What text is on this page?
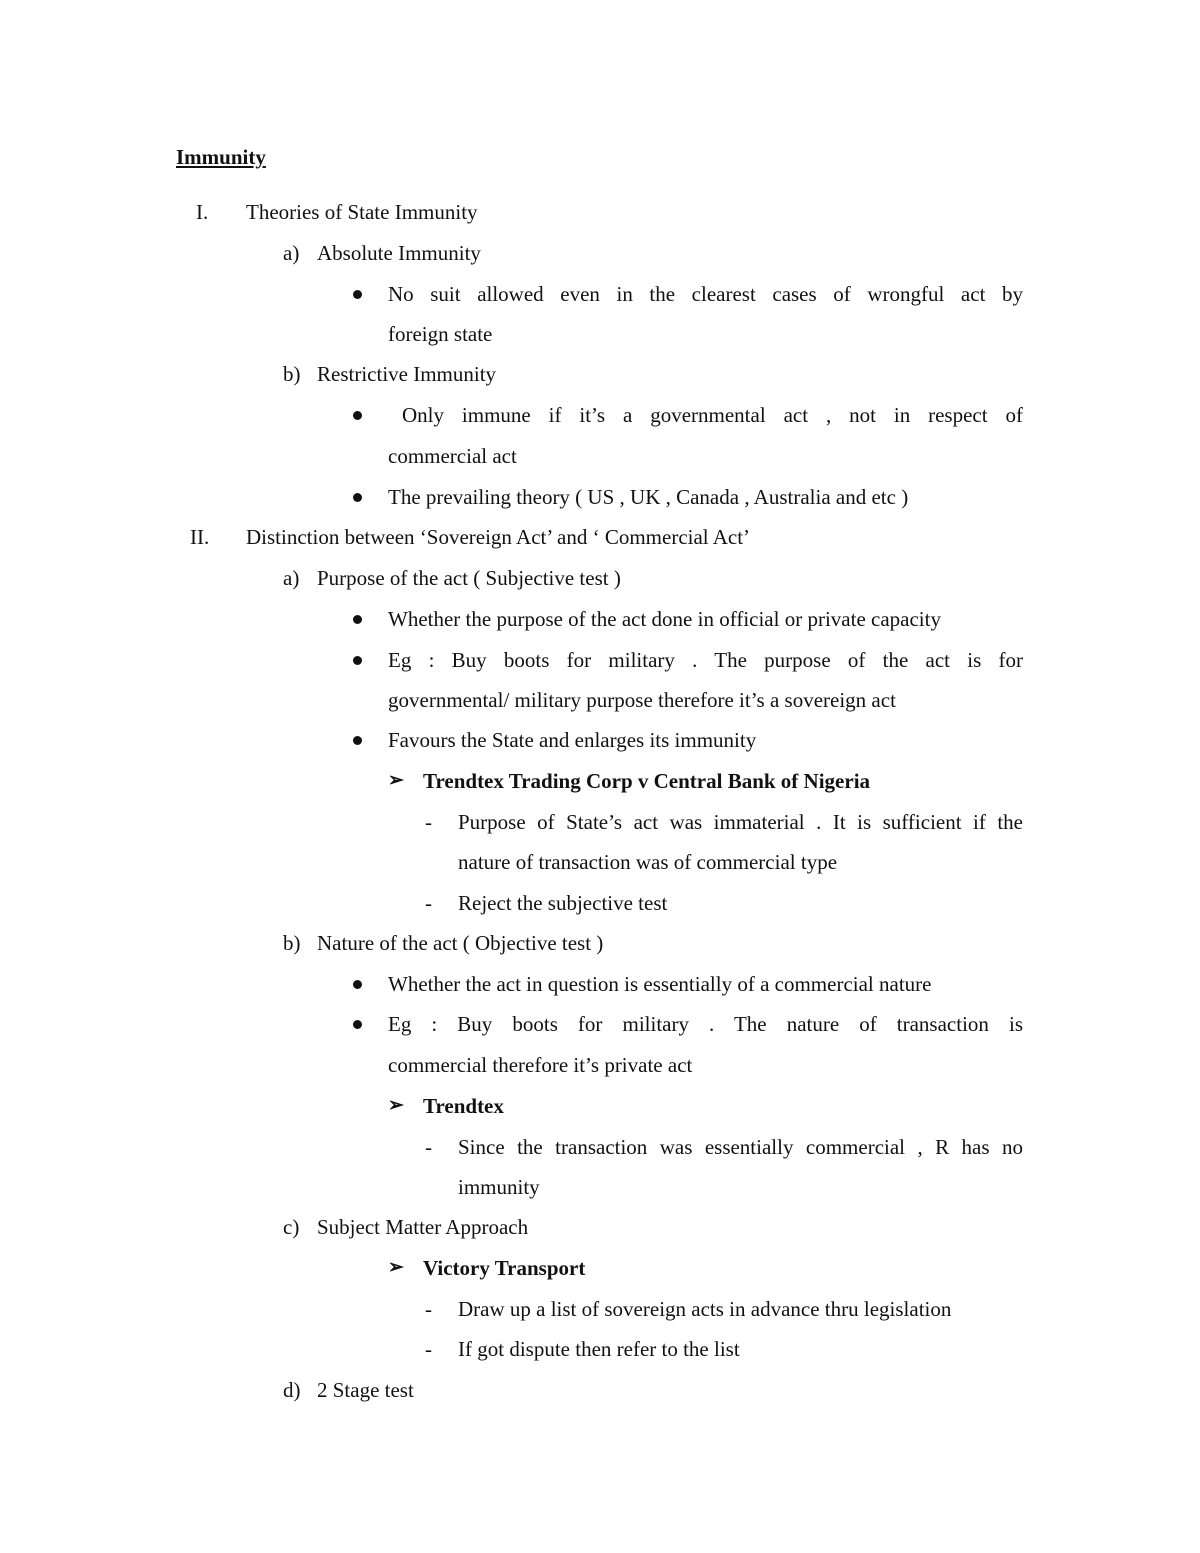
Immunity
I. Theories of State Immunity
a) Absolute Immunity
No suit allowed even in the clearest cases of wrongful act by
foreign state
b) Restrictive Immunity
Only immune if it’s a governmental act , not in respect of
commercial act
The prevailing theory ( US , UK , Canada , Australia and etc )
II. Distinction between ‘Sovereign Act’ and ‘ Commercial Act’
a) Purpose of the act ( Subjective test )
Whether the purpose of the act done in official or private capacity
Eg : Buy boots for military . The purpose of the act is for
governmental/ military purpose therefore it’s a sovereign act
Favours the State and enlarges its immunity
➢ Trendtex Trading Corp v Central Bank of Nigeria
- Purpose of State’s act was immaterial . It is sufficient if the
nature of transaction was of commercial type
- Reject the subjective test
b) Nature of the act ( Objective test )
Whether the act in question is essentially of a commercial nature
Eg : Buy boots for military . The nature of transaction is
commercial therefore it’s private act
➢ Trendtex
- Since the transaction was essentially commercial , R has no
immunity
c) Subject Matter Approach
➢ Victory Transport
- Draw up a list of sovereign acts in advance thru legislation
- If got dispute then refer to the list
d) 2 Stage test
